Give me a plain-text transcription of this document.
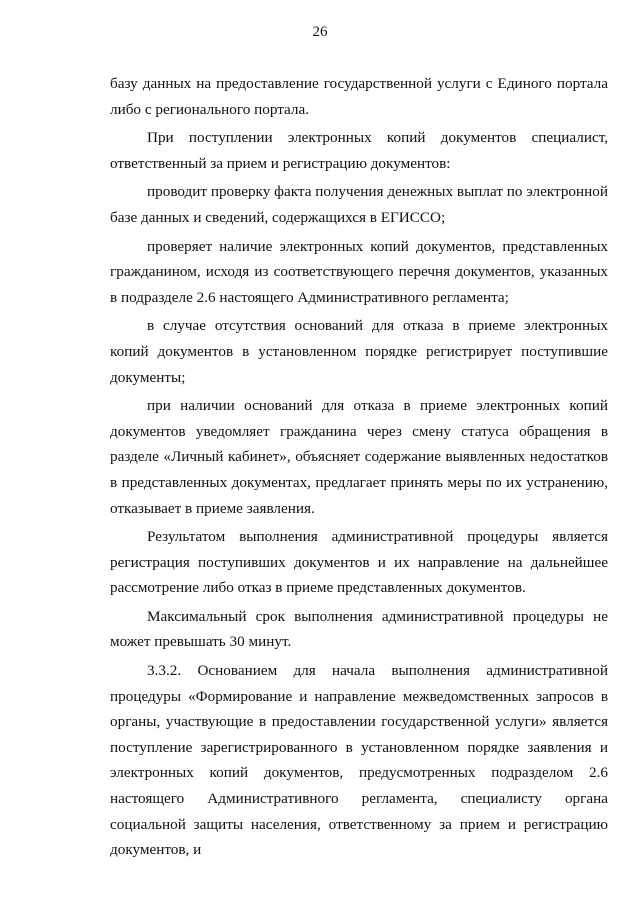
26

базу данных на предоставление государственной услуги с Единого портала либо с регионального портала.

При поступлении электронных копий документов специалист, ответственный за прием и регистрацию документов:

проводит проверку факта получения денежных выплат по электронной базе данных и сведений, содержащихся в ЕГИССО;

проверяет наличие электронных копий документов, представленных гражданином, исходя из соответствующего перечня документов, указанных в подразделе 2.6 настоящего Административного регламента;

в случае отсутствия оснований для отказа в приеме электронных копий документов в установленном порядке регистрирует поступившие документы;

при наличии оснований для отказа в приеме электронных копий документов уведомляет гражданина через смену статуса обращения в разделе «Личный кабинет», объясняет содержание выявленных недостатков в представленных документах, предлагает принять меры по их устранению, отказывает в приеме заявления.

Результатом выполнения административной процедуры является регистрация поступивших документов и их направление на дальнейшее рассмотрение либо отказ в приеме представленных документов.

Максимальный срок выполнения административной процедуры не может превышать 30 минут.

3.3.2. Основанием для начала выполнения административной процедуры «Формирование и направление межведомственных запросов в органы, участвующие в предоставлении государственной услуги» является поступление зарегистрированного в установленном порядке заявления и электронных копий документов, предусмотренных подразделом 2.6 настоящего Административного регламента, специалисту органа социальной защиты населения, ответственному за прием и регистрацию документов, и
